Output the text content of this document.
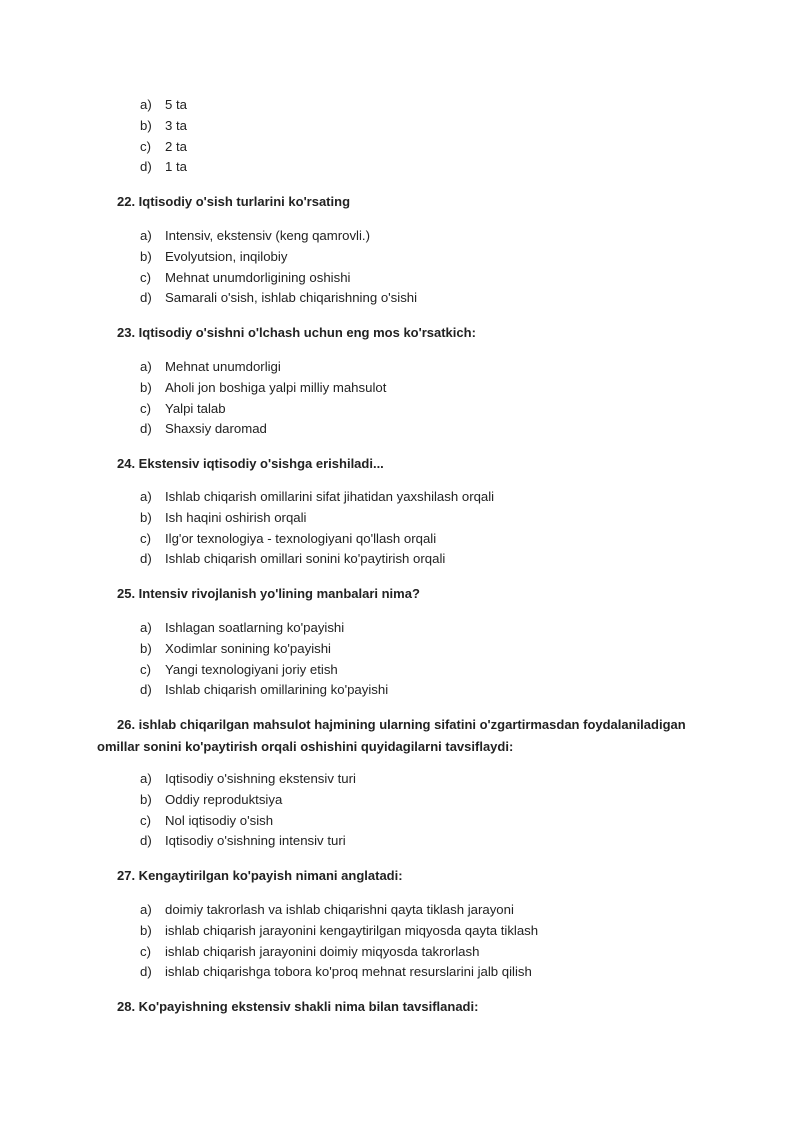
a) 5 ta
b) 3 ta
c) 2 ta
d) 1 ta
22. Iqtisodiy o'sish turlarini ko'rsating
a) Intensiv, ekstensiv (keng qamrovli.)
b) Evolyutsion, inqilobiy
c) Mehnat unumdorligining oshishi
d) Samarali o'sish, ishlab chiqarishning o'sishi
23. Iqtisodiy o'sishni o'lchash uchun eng mos ko'rsatkich:
a) Mehnat unumdorligi
b) Aholi jon boshiga yalpi milliy mahsulot
c) Yalpi talab
d) Shaxsiy daromad
24. Ekstensiv iqtisodiy o'sishga erishiladi...
a) Ishlab chiqarish omillarini sifat jihatidan yaxshilash orqali
b) Ish haqini oshirish orqali
c) Ilg'or texnologiya - texnologiyani qo'llash orqali
d) Ishlab chiqarish omillari sonini ko'paytirish orqali
25. Intensiv rivojlanish yo'lining manbalari nima?
a) Ishlagan soatlarning ko'payishi
b) Xodimlar sonining ko'payishi
c) Yangi texnologiyani joriy etish
d) Ishlab chiqarish omillarining ko'payishi
26. ishlab chiqarilgan mahsulot hajmining ularning sifatini o'zgartirmasdan foydalaniladigan
omillar sonini ko'paytirish orqali oshishini quyidagilarni tavsiflaydi:
a) Iqtisodiy o'sishning ekstensiv turi
b) Oddiy reproduktsiya
c) Nol iqtisodiy o'sish
d) Iqtisodiy o'sishning intensiv turi
27. Kengaytirilgan ko'payish nimani anglatadi:
a) doimiy takrorlash va ishlab chiqarishni qayta tiklash jarayoni
b) ishlab chiqarish jarayonini kengaytirilgan miqyosda qayta tiklash
c) ishlab chiqarish jarayonini doimiy miqyosda takrorlash
d) ishlab chiqarishga tobora ko'proq mehnat resurslarini jalb qilish
28. Ko'payishning ekstensiv shakli nima bilan tavsiflanadi:
